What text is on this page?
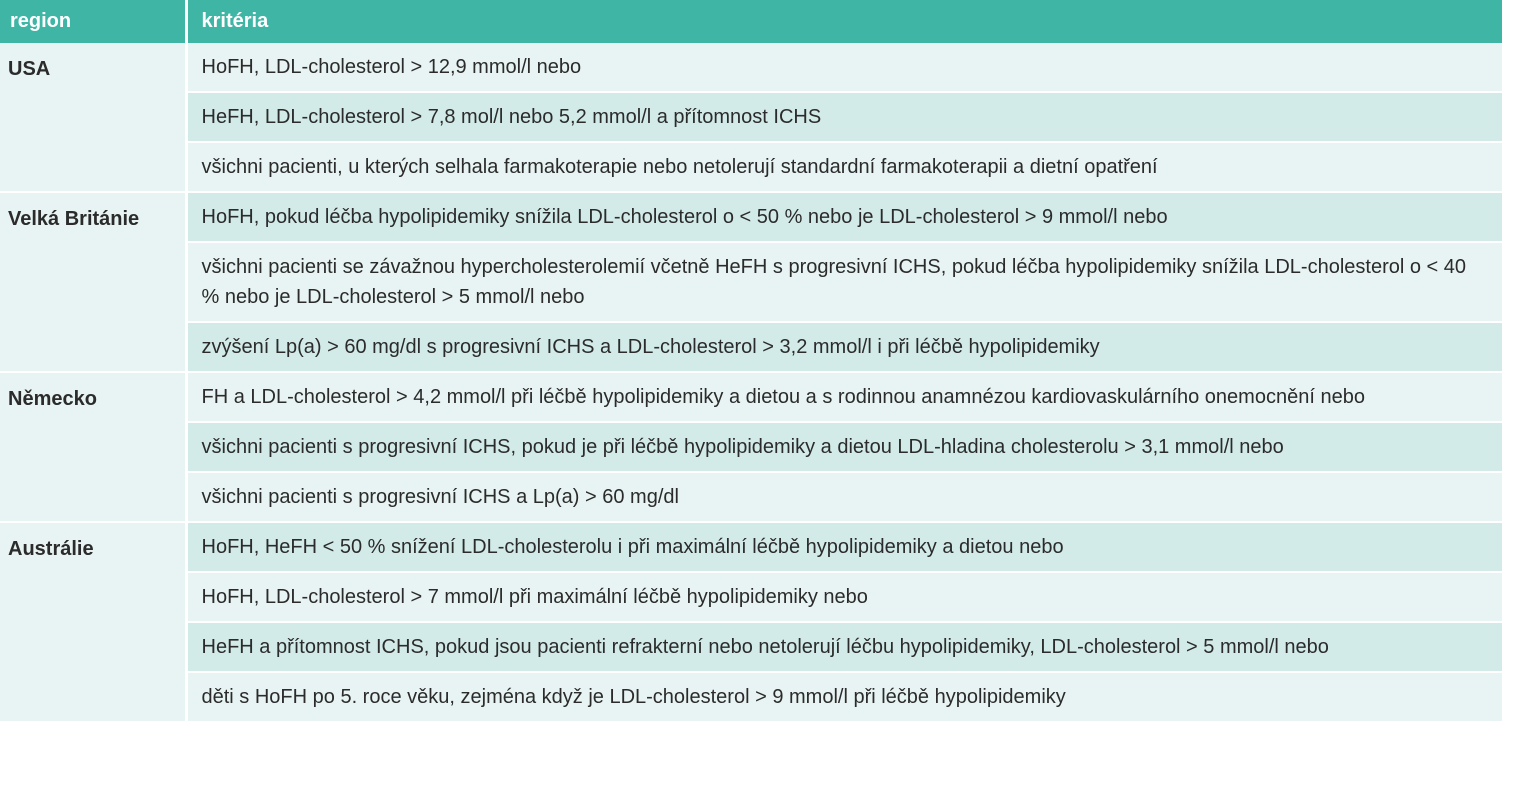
region	kritéria
USA	HoFH, LDL-cholesterol > 12,9 mmol/l nebo
	HeFH, LDL-cholesterol > 7,8 mol/l nebo 5,2 mmol/l a přítomnost ICHS
	všichni pacienti, u kterých selhala farmakoterapie nebo netolerují standardní farmakoterapii a dietní opatření
Velká Británie	HoFH, pokud léčba hypolipidemiky snížila LDL-cholesterol o < 50 % nebo je LDL-cholesterol > 9 mmol/l nebo
	všichni pacienti se závažnou hypercholesterolemií včetně HeFH s progresivní ICHS, pokud léčba hypolipidemiky snížila LDL-cholesterol o < 40 % nebo je LDL-cholesterol > 5 mmol/l nebo
	zvýšení Lp(a) > 60 mg/dl s progresivní ICHS a LDL-cholesterol > 3,2 mmol/l i při léčbě hypolipidemiky
Německo	FH a LDL-cholesterol > 4,2 mmol/l při léčbě hypolipidemiky a dietou a s rodinnou anamnézou kardiovaskulárního onemocnění nebo
	všichni pacienti s progresivní ICHS, pokud je při léčbě hypolipidemiky a dietou LDL-hladina cholesterolu > 3,1 mmol/l nebo
	všichni pacienti s progresivní ICHS a Lp(a) > 60 mg/dl
Austrálie	HoFH, HeFH < 50 % snížení LDL-cholesterolu i při maximální léčbě hypolipidemiky a dietou nebo
	HoFH, LDL-cholesterol > 7 mmol/l při maximální léčbě hypolipidemiky nebo
	HeFH a přítomnost ICHS, pokud jsou pacienti refrakterní nebo netolerují léčbu hypolipidemiky, LDL-cholesterol > 5 mmol/l nebo
	děti s HoFH po 5. roce věku, zejména když je LDL-cholesterol > 9 mmol/l při léčbě hypolipidemiky
